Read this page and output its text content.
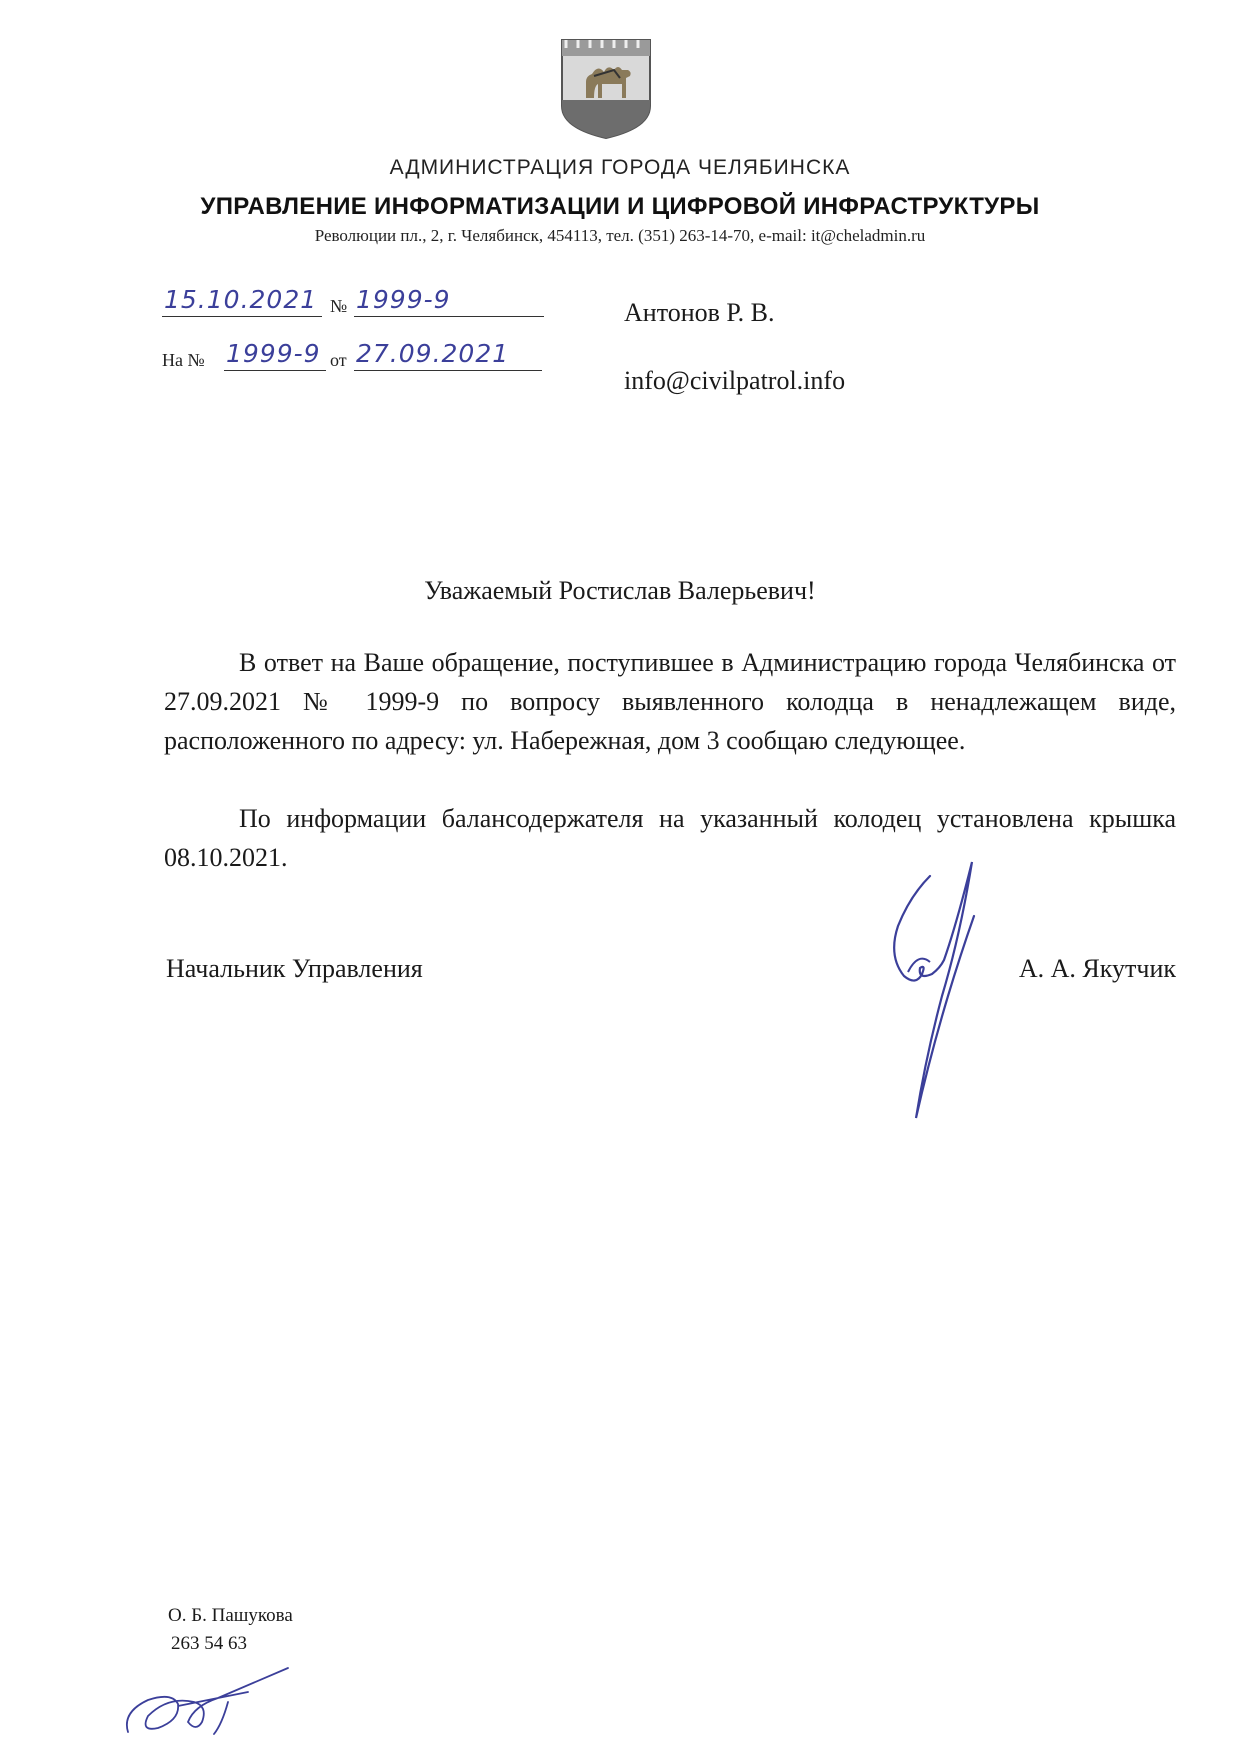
АДМИНИСТРАЦИЯ ГОРОДА ЧЕЛЯБИНСКА
УПРАВЛЕНИЕ ИНФОРМАТИЗАЦИИ И ЦИФРОВОЙ ИНФРАСТРУКТУРЫ
Революции пл., 2, г. Челябинск, 454113, тел. (351) 263-14-70, e-mail: it@cheladmin.ru
15.10.2021 № 1999-9
На № 1999-9 от 27.09.2021
Антонов Р. В.
info@civilpatrol.info
Уважаемый Ростислав Валерьевич!
В ответ на Ваше обращение, поступившее в Администрацию города Челябинска от 27.09.2021 № 1999-9 по вопросу выявленного колодца в ненадлежащем виде, расположенного по адресу: ул. Набережная, дом 3 сообщаю следующее.
По информации балансодержателя на указанный колодец установлена крышка 08.10.2021.
Начальник Управления	А. А. Якутчик
О. Б. Пашукова
263 54 63
